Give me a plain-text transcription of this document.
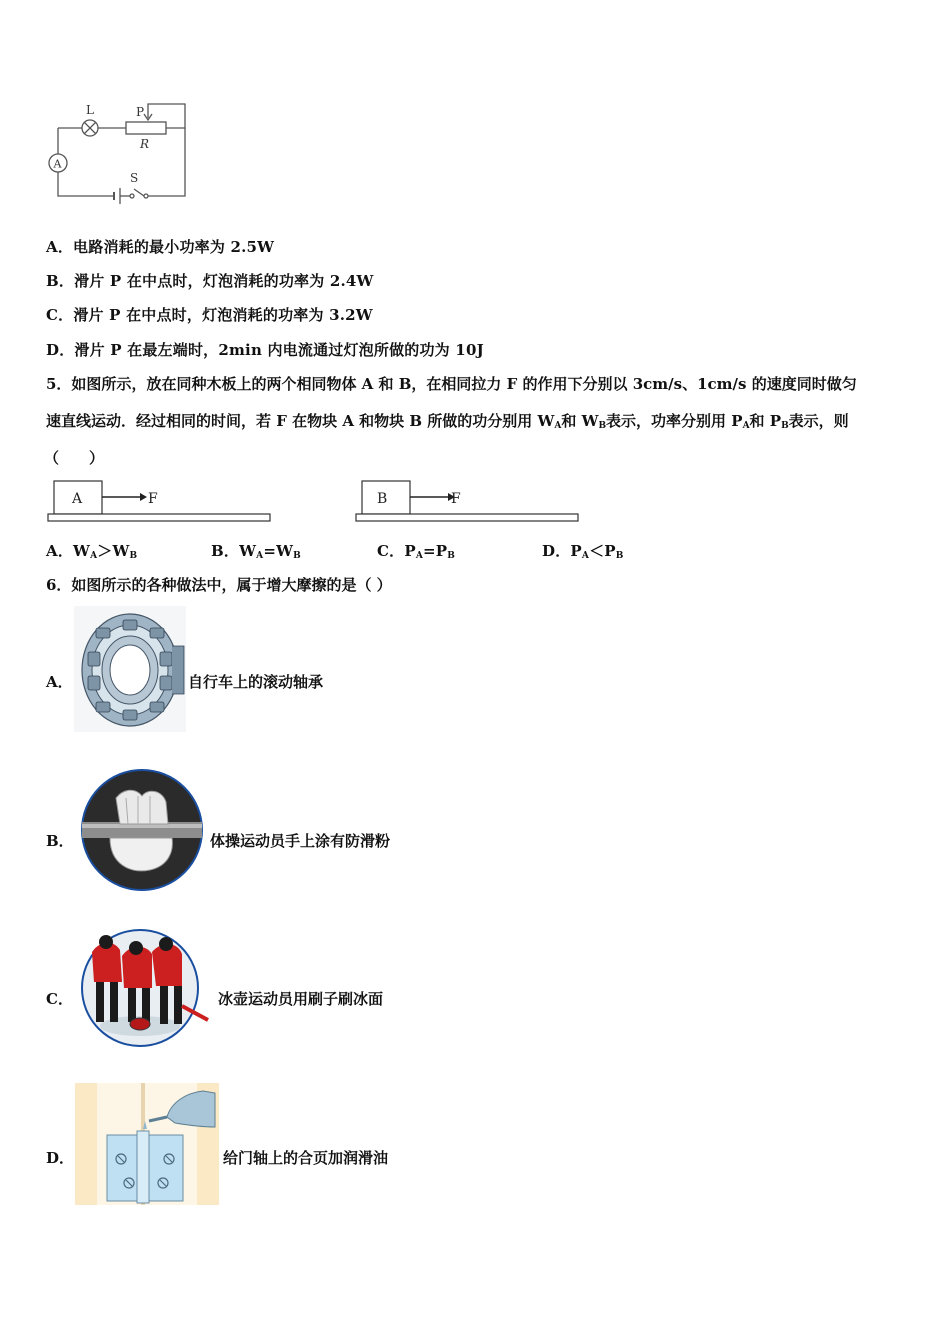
L	P
R
A
S
A．电路消耗的最小功率为 2.5W
B．滑片 P 在中点时，灯泡消耗的功率为 2.4W
C．滑片 P 在中点时，灯泡消耗的功率为 3.2W
D．滑片 P 在最左端时，2min 内电流通过灯泡所做的功为 10J
5．如图所示，放在同种木板上的两个相同物体 A 和 B，在相同拉力 F 的作用下分别以 3cm/s、1cm/s 的速度同时做匀
速直线运动．经过相同的时间，若 F 在物块 A 和物块 B 所做的功分别用 $W_A$和 $W_B$表示，功率分别用 $P_A$和 $P_B$表示，则
（　　）
A	F	B	F
A．$W_A>W_B$	B．$W_A=W_B$	C．$P_A=P_B$	D．$P_A<P_B$
6．如图所示的各种做法中，属于增大摩擦的是（ ）
A．	自行车上的滚动轴承
B．	体操运动员手上涂有防滑粉
C．	冰壶运动员用刷子刷冰面
D．	给门轴上的合页加润滑油
